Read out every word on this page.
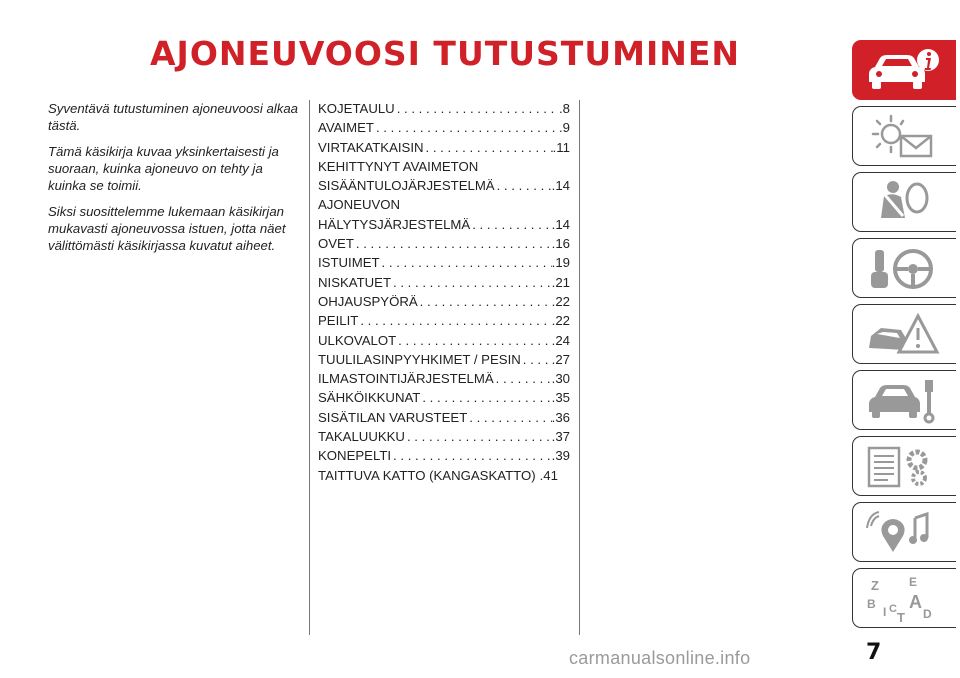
AJONEUVOOSI TUTUSTUMINEN

Syventävä tutustuminen ajoneuvoosi alkaa tästä.

Tämä käsikirja kuvaa yksinkertaisesti ja suoraan, kuinka ajoneuvo on tehty ja kuinka se toimii.

Siksi suosittelemme lukemaan käsikirjan mukavasti ajoneuvossa istuen, jotta näet välittömästi käsikirjassa kuvatut aiheet.

KOJETAULU . . .	.8
AVAIMET . . .	.9
VIRTAKATKAISIN . . .	.11
KEHITTYNYT AVAIMETON
SISÄÄNTULOJÄRJESTELMÄ . . .	.14
AJONEUVON
HÄLYTYSJÄRJESTELMÄ . . .	.14
OVET . . .	.16
ISTUIMET . . .	.19
NISKATUET . . .	.21
OHJAUSPYÖRÄ . . .	.22
PEILIT . . .	.22
ULKOVALOT . . .	.24
TUULILASINPYYHKIMET / PESIN . . . .27
ILMASTOINTIJÄRJESTELMÄ . . .	.30
SÄHKÖIKKUNAT . . .	.35
SISÄTILAN VARUSTEET . . .	.36
TAKALUUKKU . . .	.37
KONEPELTI . . .	.39
TAITTUVA KATTO (KANGASKATTO) .41
Z	E
B A
I C
T D
7
carmanualsonline.info
